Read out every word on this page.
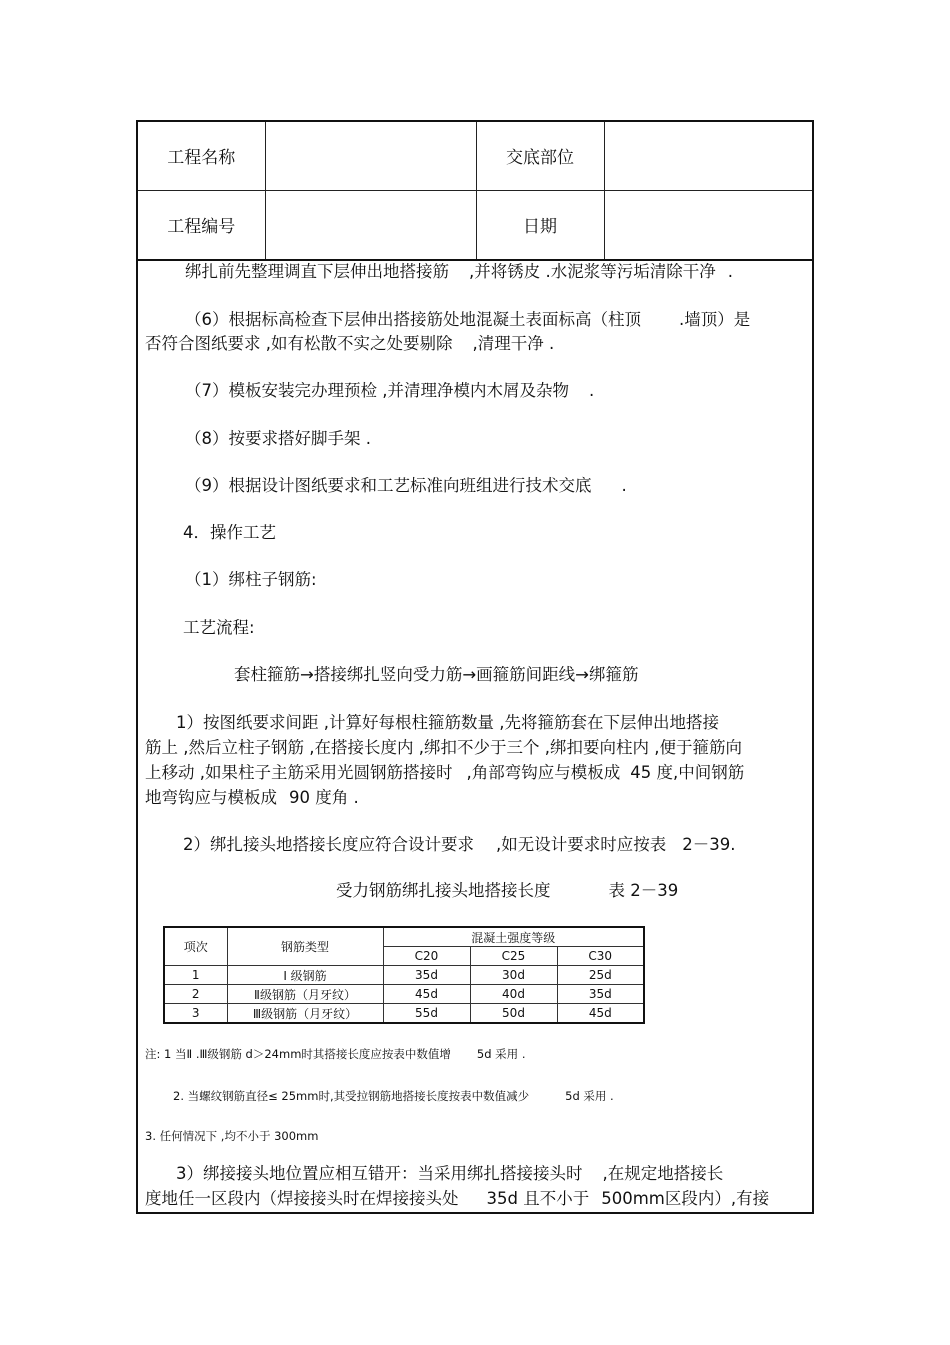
工程名称		交底部位	
工程编号		日期	
绑扎前先整理调直下层伸出地搭接筋 ,并将锈皮 .水泥浆等污垢清除干净 .
（6）根据标高检查下层伸出搭接筋处地混凝土表面标高（柱顶 .墙顶）是
否符合图纸要求 ,如有松散不实之处要剔除 ,清理干净 .
（7）模板安装完办理预检 ,并清理净模内木屑及杂物 .
（8）按要求搭好脚手架 .
（9）根据设计图纸要求和工艺标准向班组进行技术交底 .
4．操作工艺
（1）绑柱子钢筋:
工艺流程:
套柱箍筋→搭接绑扎竖向受力筋→画箍筋间距线→绑箍筋
1）按图纸要求间距 ,计算好每根柱箍筋数量 ,先将箍筋套在下层伸出地搭接
筋上 ,然后立柱子钢筋 ,在搭接长度内 ,绑扣不少于三个 ,绑扣要向柱内 ,便于箍筋向
上移动 ,如果柱子主筋采用光圆钢筋搭接时 ,角部弯钩应与模板成 45 度,中间钢筋
地弯钩应与模板成 90 度角 .
2）绑扎接头地搭接长度应符合设计要求 ,如无设计要求时应按表 2－39.
受力钢筋绑扎接头地搭接长度	表 2－39
项次	钢筋类型	混凝土强度等级		
		C20	C25	C30
1	Ⅰ 级钢筋	35d	30d	25d
2	Ⅱ级钢筋（月牙纹）	45d	40d	35d
3	Ⅲ级钢筋（月牙纹）	55d	50d	45d
注: 1 当Ⅱ .Ⅲ级钢筋 d＞24mm时其搭接长度应按表中数值增 5d 采用 .
2. 当螺纹钢筋直径≤ 25mm时,其受拉钢筋地搭接长度按表中数值减少	5d 采用 .
3. 任何情况下 ,均不小于 300mm
3）绑接接头地位置应相互错开：当采用绑扎搭接接头时 ,在规定地搭接长
度地任一区段内（焊接接头时在焊接接头处 35d 且不小于 500mm区段内）,有接
